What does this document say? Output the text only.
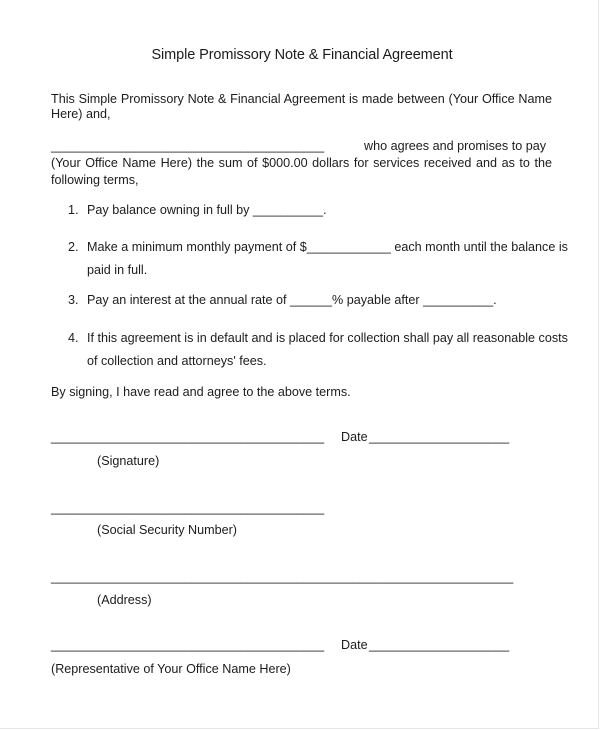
Simple Promissory Note & Financial Agreement
This Simple Promissory Note & Financial Agreement is made between (Your Office Name
Here) and,
_______________________________________	who agrees and promises to pay
(Your Office Name Here) the sum of $000.00 dollars for services received and as to the
following terms,
1. Pay balance owning in full by __________.
2. Make a minimum monthly payment of $____________ each month until the balance is
paid in full.
3. Pay an interest at the annual rate of ______% payable after __________.
4. If this agreement is in default and is placed for collection shall pay all reasonable costs
of collection and attorneys' fees.
By signing, I have read and agree to the above terms.
_______________________________________ Date ____________________
(Signature)
_______________________________________
(Social Security Number)
__________________________________________________________________
(Address)
_______________________________________ Date ____________________
(Representative of Your Office Name Here)
